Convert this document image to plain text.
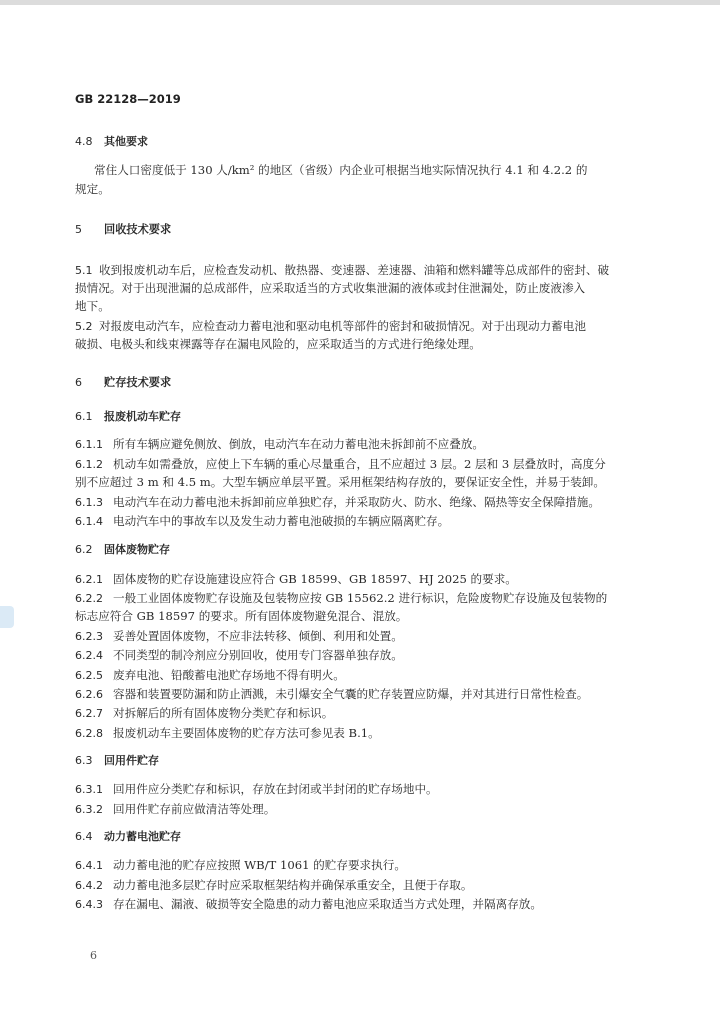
GB 22128—2019
4.8 其他要求
常住人口密度低于 130 人/km² 的地区（省级）内企业可根据当地实际情况执行 4.1 和 4.2.2 的
规定。
5 回收技术要求
5.1 收到报废机动车后，应检查发动机、散热器、变速器、差速器、油箱和燃料罐等总成部件的密封、破
损情况。对于出现泄漏的总成部件，应采取适当的方式收集泄漏的液体或封住泄漏处，防止废液渗入
地下。
5.2 对报废电动汽车，应检查动力蓄电池和驱动电机等部件的密封和破损情况。对于出现动力蓄电池
破损、电极头和线束裸露等存在漏电风险的，应采取适当的方式进行绝缘处理。
6 贮存技术要求
6.1 报废机动车贮存
6.1.1 所有车辆应避免侧放、倒放，电动汽车在动力蓄电池未拆卸前不应叠放。
6.1.2 机动车如需叠放，应使上下车辆的重心尽量重合，且不应超过 3 层。2 层和 3 层叠放时，高度分
别不应超过 3 m 和 4.5 m。大型车辆应单层平置。采用框架结构存放的，要保证安全性，并易于装卸。
6.1.3 电动汽车在动力蓄电池未拆卸前应单独贮存，并采取防火、防水、绝缘、隔热等安全保障措施。
6.1.4 电动汽车中的事故车以及发生动力蓄电池破损的车辆应隔离贮存。
6.2 固体废物贮存
6.2.1 固体废物的贮存设施建设应符合 GB 18599、GB 18597、HJ 2025 的要求。
6.2.2 一般工业固体废物贮存设施及包装物应按 GB 15562.2 进行标识，危险废物贮存设施及包装物的
标志应符合 GB 18597 的要求。所有固体废物避免混合、混放。
6.2.3 妥善处置固体废物，不应非法转移、倾倒、利用和处置。
6.2.4 不同类型的制冷剂应分别回收，使用专门容器单独存放。
6.2.5 废弃电池、铅酸蓄电池贮存场地不得有明火。
6.2.6 容器和装置要防漏和防止洒溅，未引爆安全气囊的贮存装置应防爆，并对其进行日常性检查。
6.2.7 对拆解后的所有固体废物分类贮存和标识。
6.2.8 报废机动车主要固体废物的贮存方法可参见表 B.1。
6.3 回用件贮存
6.3.1 回用件应分类贮存和标识，存放在封闭或半封闭的贮存场地中。
6.3.2 回用件贮存前应做清洁等处理。
6.4 动力蓄电池贮存
6.4.1 动力蓄电池的贮存应按照 WB/T 1061 的贮存要求执行。
6.4.2 动力蓄电池多层贮存时应采取框架结构并确保承重安全，且便于存取。
6.4.3 存在漏电、漏液、破损等安全隐患的动力蓄电池应采取适当方式处理，并隔离存放。
6
